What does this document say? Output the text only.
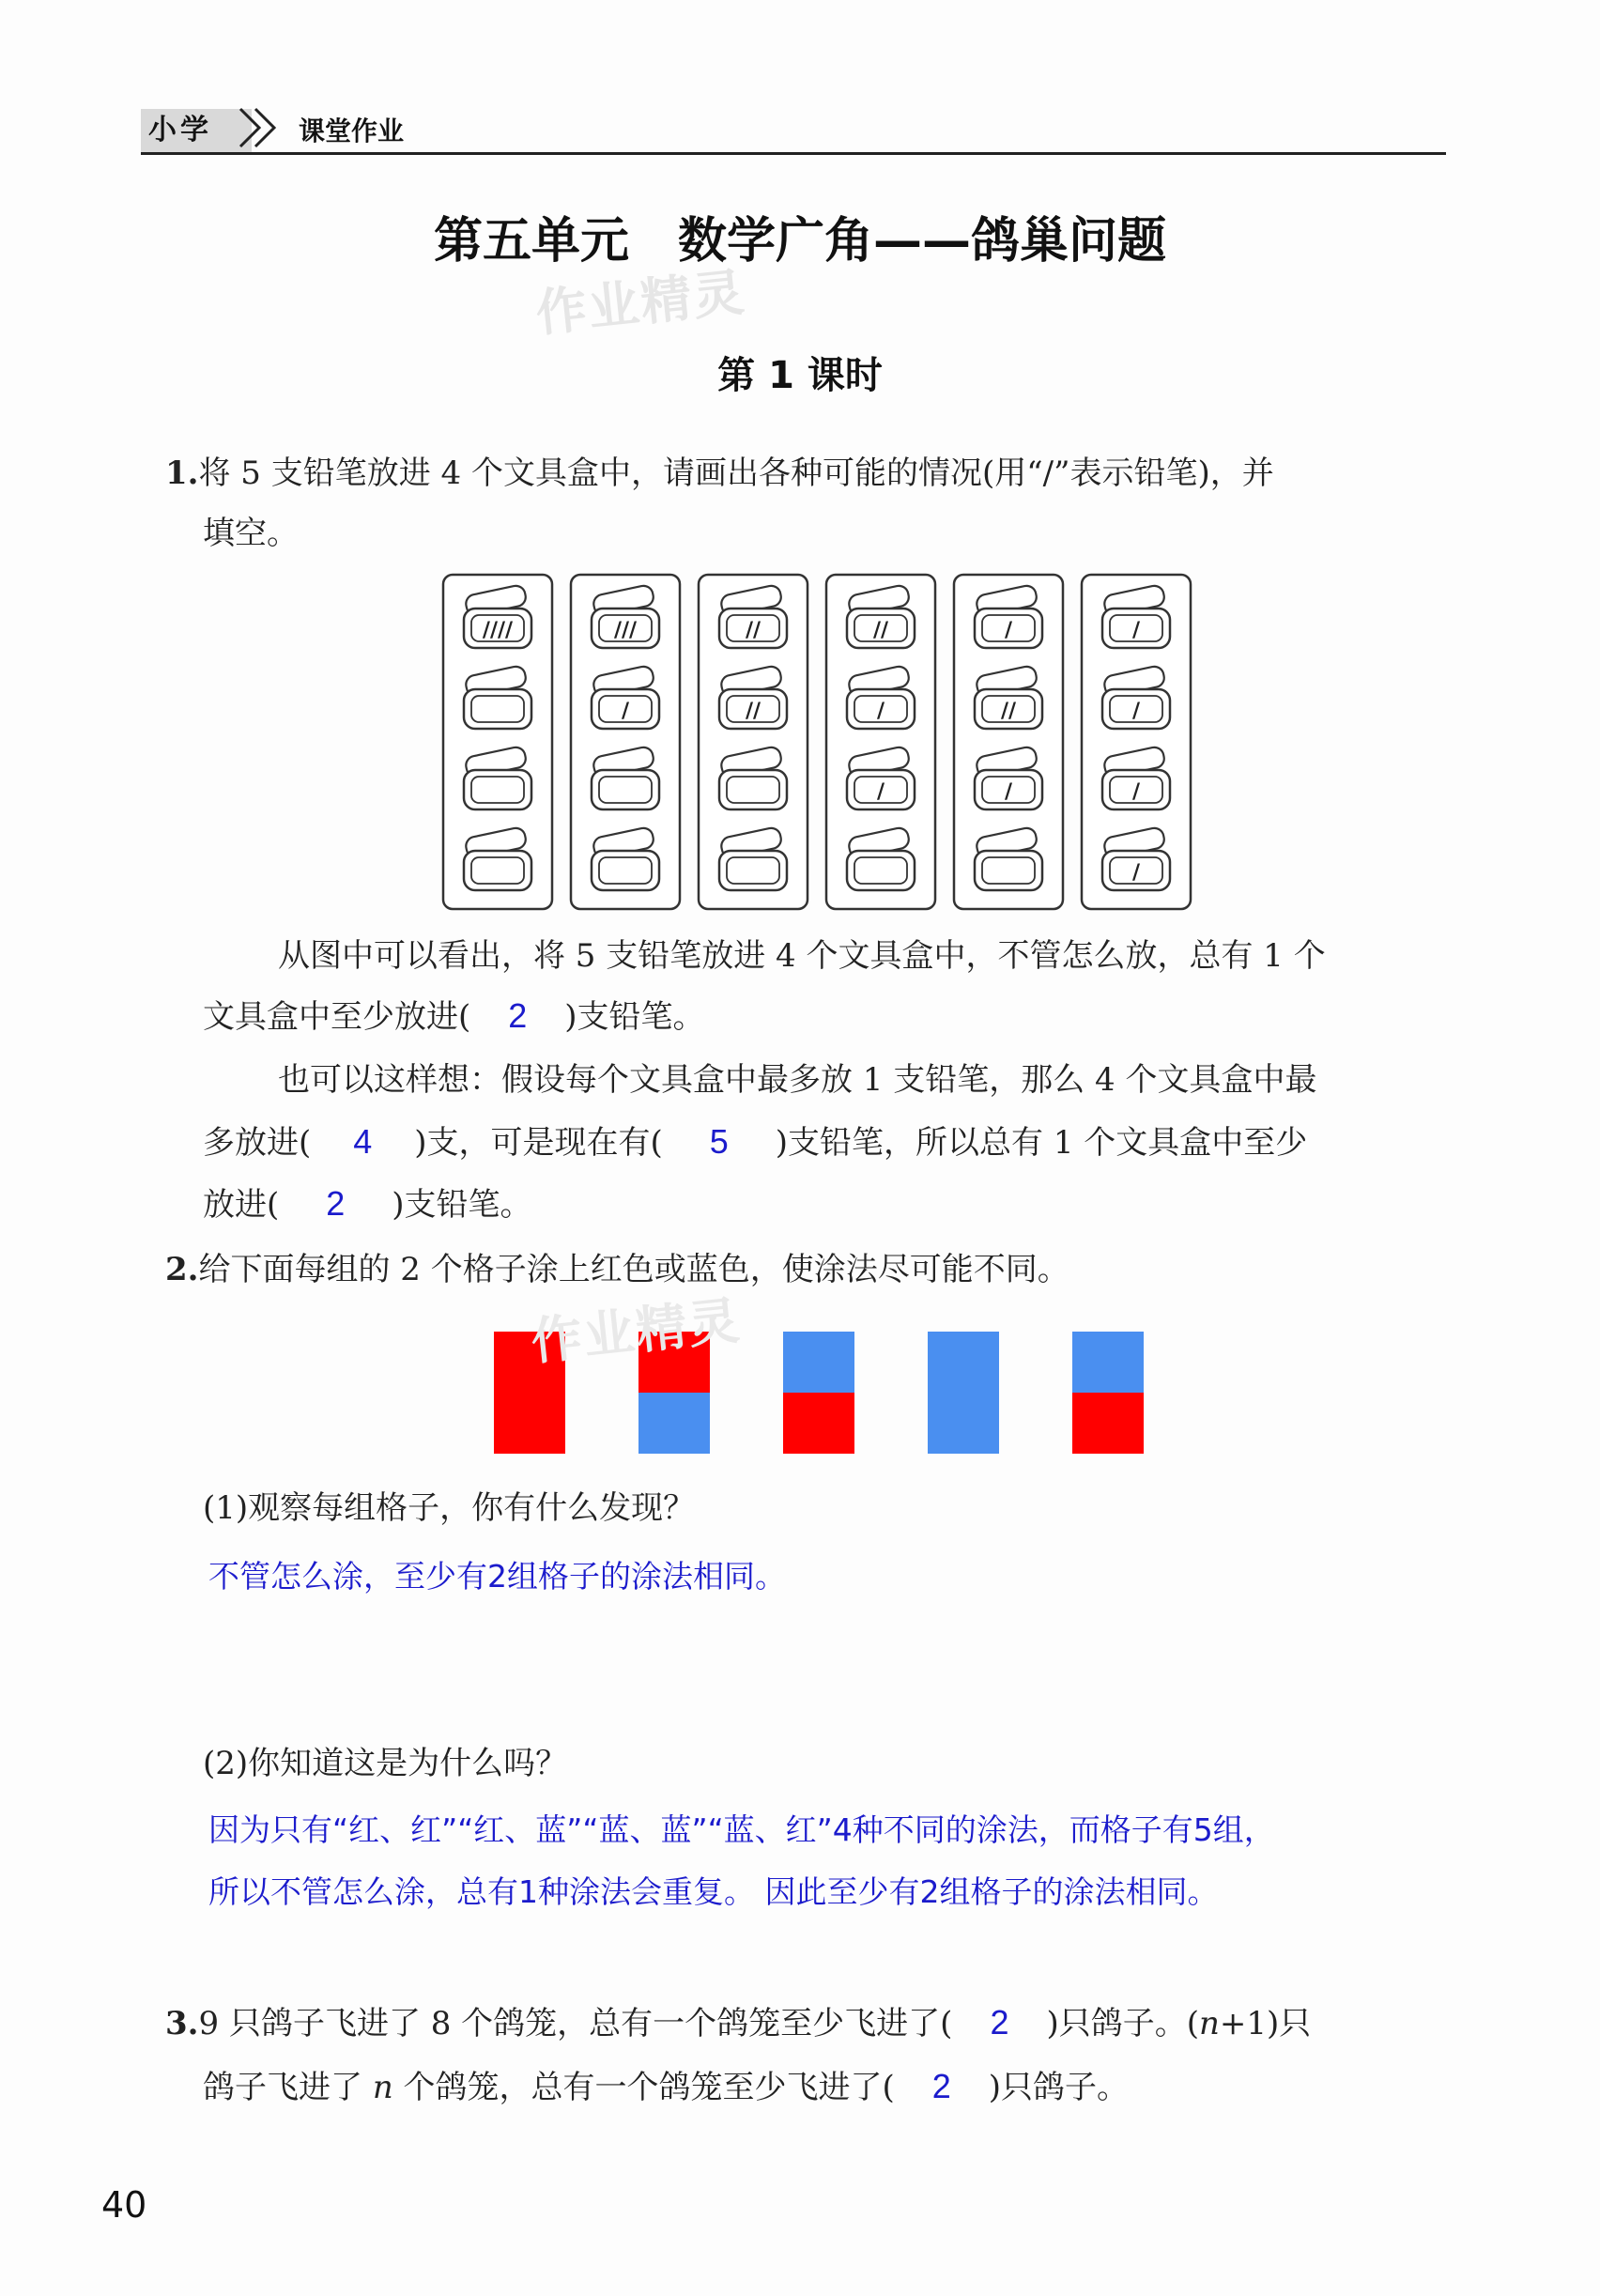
小学	课堂作业
第五单元　数学广角——鸽巢问题
作业精灵
第 1 课时
1.将 5 支铅笔放进 4 个文具盒中，请画出各种可能的情况(用“/”表示铅笔)，并
填空。
////	///
/
//
//
//
/
/
/
//
/
/
/
/
/
从图中可以看出，将 5 支铅笔放进 4 个文具盒中，不管怎么放，总有 1 个
文具盒中至少放进( 2 )支铅笔。
也可以这样想：假设每个文具盒中最多放 1 支铅笔，那么 4 个文具盒中最
多放进( 4 )支，可是现在有( 5 )支铅笔，所以总有 1 个文具盒中至少
放进( 2 )支铅笔。
2.给下面每组的 2 个格子涂上红色或蓝色，使涂法尽可能不同。
作业精灵
(1)观察每组格子，你有什么发现？
不管怎么涂，至少有2组格子的涂法相同。
(2)你知道这是为什么吗？
因为只有“红、红”“红、蓝”“蓝、蓝”“蓝、红”4种不同的涂法，而格子有5组，
所以不管怎么涂，总有1种涂法会重复。 因此至少有2组格子的涂法相同。
3.9 只鸽子飞进了 8 个鸽笼，总有一个鸽笼至少飞进了( 2 )只鸽子。(n+1)只
鸽子飞进了 n 个鸽笼，总有一个鸽笼至少飞进了( 2 )只鸽子。
40
